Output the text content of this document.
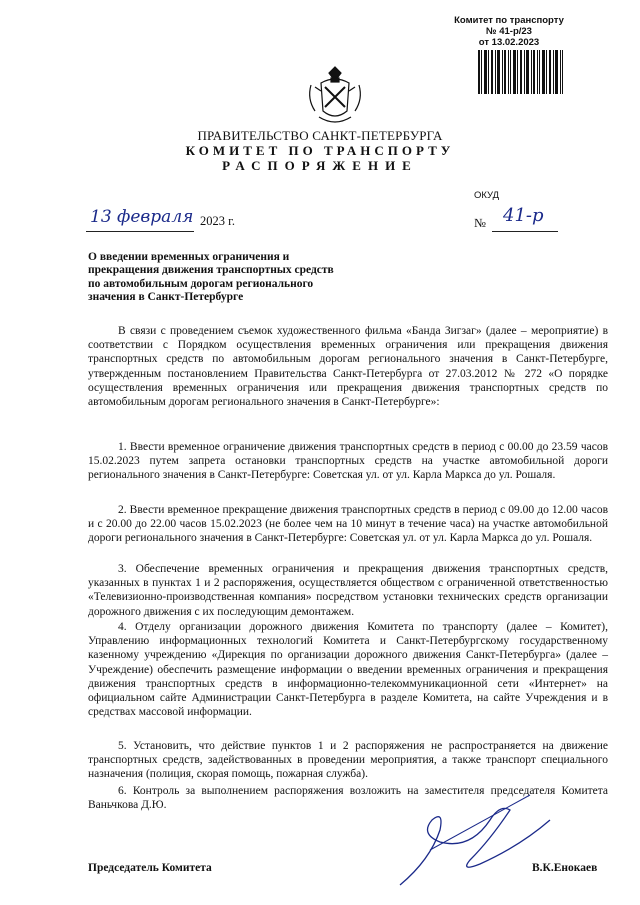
Комитет по транспорту
№ 41-р/23
от 13.02.2023
ПРАВИТЕЛЬСТВО САНКТ-ПЕТЕРБУРГА
КОМИТЕТ ПО ТРАНСПОРТУ
РАСПОРЯЖЕНИЕ
ОКУД
13 февраля 2023 г.	№ 41-р
О введении временных ограничения и прекращения движения транспортных средств по автомобильным дорогам регионального значения в Санкт-Петербурге
В связи с проведением съемок художественного фильма «Банда Зигзаг» (далее – мероприятие) в соответствии с Порядком осуществления временных ограничения или прекращения движения транспортных средств по автомобильным дорогам регионального значения в Санкт-Петербурге, утвержденным постановлением Правительства Санкт-Петербурга от 27.03.2012 № 272 «О порядке осуществления временных ограничения или прекращения движения транспортных средств по автомобильным дорогам регионального значения в Санкт-Петербурге»:
1. Ввести временное ограничение движения транспортных средств в период с 00.00 до 23.59 часов 15.02.2023 путем запрета остановки транспортных средств на участке автомобильной дороги регионального значения в Санкт-Петербурге: Советская ул. от ул. Карла Маркса до ул. Рошаля.
2. Ввести временное прекращение движения транспортных средств в период с 09.00 до 12.00 часов и с 20.00 до 22.00 часов 15.02.2023 (не более чем на 10 минут в течение часа) на участке автомобильной дороги регионального значения в Санкт-Петербурге: Советская ул. от ул. Карла Маркса до ул. Рошаля.
3. Обеспечение временных ограничения и прекращения движения транспортных средств, указанных в пунктах 1 и 2 распоряжения, осуществляется обществом с ограниченной ответственностью «Телевизионно-производственная компания» посредством установки технических средств организации дорожного движения с их последующим демонтажем.
4. Отделу организации дорожного движения Комитета по транспорту (далее – Комитет), Управлению информационных технологий Комитета и Санкт-Петербургскому государственному казенному учреждению «Дирекция по организации дорожного движения Санкт-Петербурга» (далее – Учреждение) обеспечить размещение информации о введении временных ограничения и прекращения движения транспортных средств в информационно-телекоммуникационной сети «Интернет» на официальном сайте Администрации Санкт-Петербурга в разделе Комитета, на сайте Учреждения и в средствах массовой информации.
5. Установить, что действие пунктов 1 и 2 распоряжения не распространяется на движение транспортных средств, задействованных в проведении мероприятия, а также транспорт специального назначения (полиция, скорая помощь, пожарная служба).
6. Контроль за выполнением распоряжения возложить на заместителя председателя Комитета Ваньчкова Д.Ю.
Председатель Комитета	В.К.Енокаев
